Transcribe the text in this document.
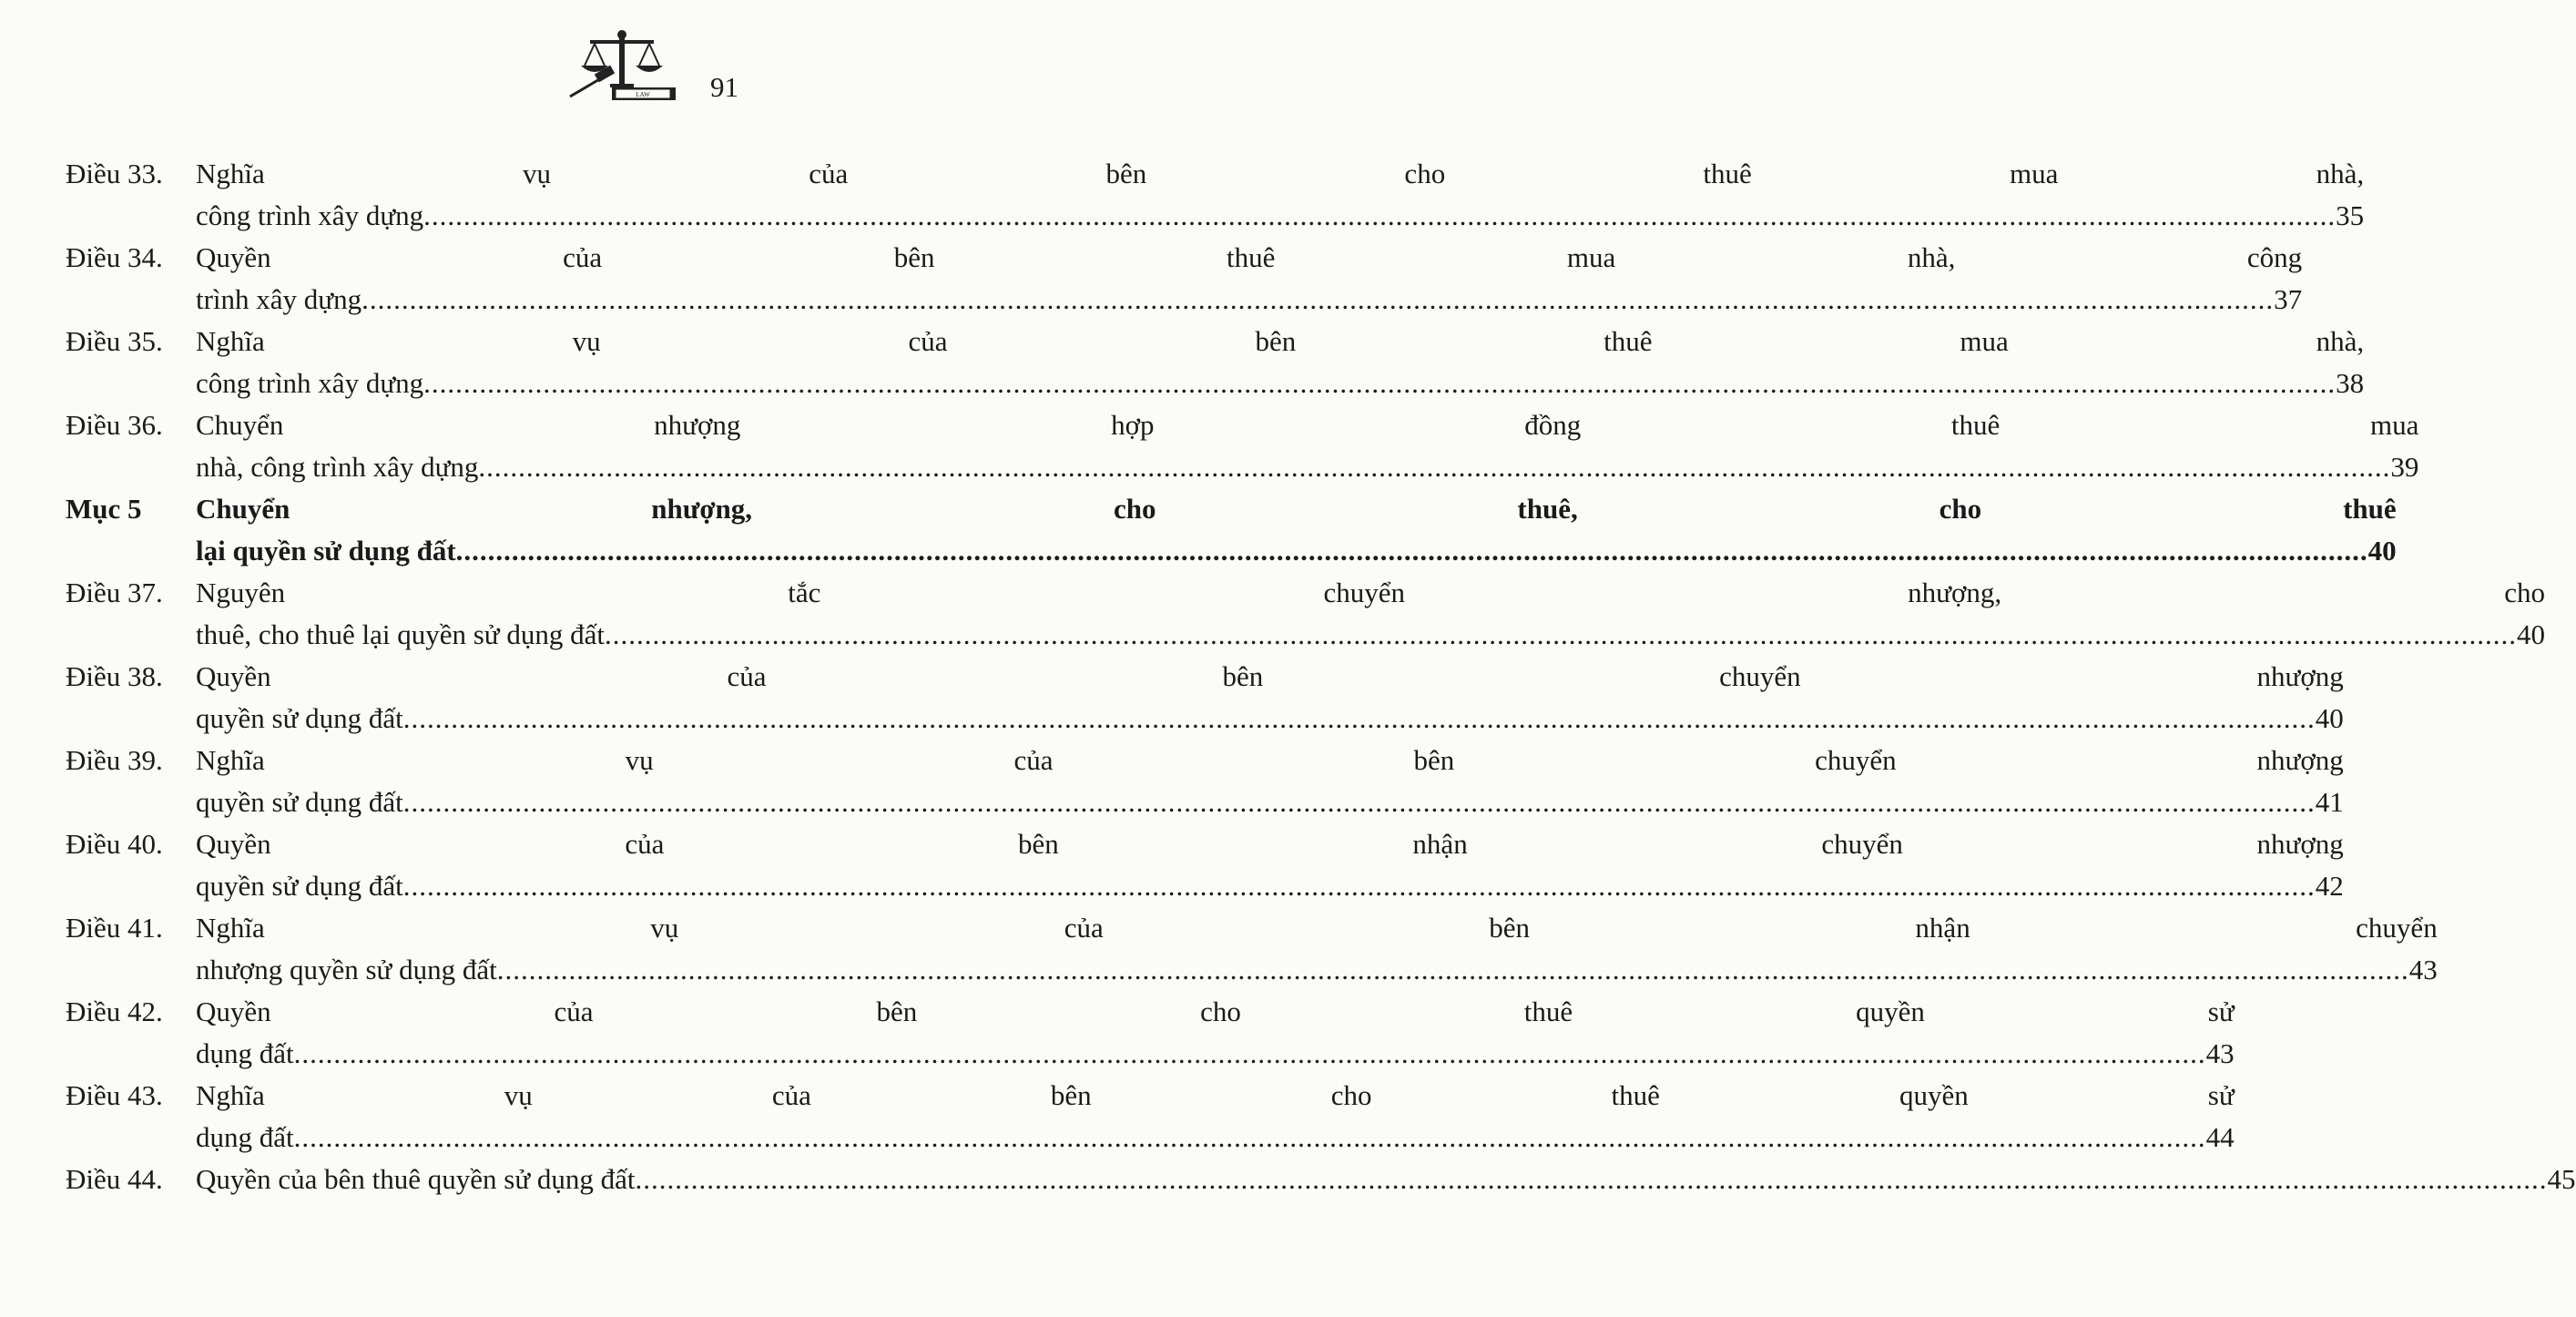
LAW 91
Điều 33.	Nghĩa vụ của bên cho thuê mua nhà,
công trình xây dựng .....	35
Điều 34.	Quyền của bên thuê mua nhà, công
trình xây dựng .....	37
Điều 35.	Nghĩa vụ của bên thuê mua nhà,
công trình xây dựng .....	38
Điều 36.	Chuyển nhượng hợp đồng thuê mua
nhà, công trình xây dựng .....	39
Mục 5	Chuyển nhượng, cho thuê, cho thuê
lại quyền sử dụng đất .....	40
Điều 37.	Nguyên tắc chuyển nhượng, cho
thuê, cho thuê lại quyền sử dụng đất .....	40
Điều 38.	Quyền của bên chuyển nhượng
quyền sử dụng đất .....	40
Điều 39.	Nghĩa vụ của bên chuyển nhượng
quyền sử dụng đất .....	41
Điều 40.	Quyền của bên nhận chuyển nhượng
quyền sử dụng đất .....	42
Điều 41.	Nghĩa vụ của bên nhận chuyển
nhượng quyền sử dụng đất .....	43
Điều 42.	Quyền của bên cho thuê quyền sử
dụng đất .....	43
Điều 43.	Nghĩa vụ của bên cho thuê quyền sử
dụng đất .....	44
Điều 44.	Quyền của bên thuê quyền sử dụng đất .....	45
